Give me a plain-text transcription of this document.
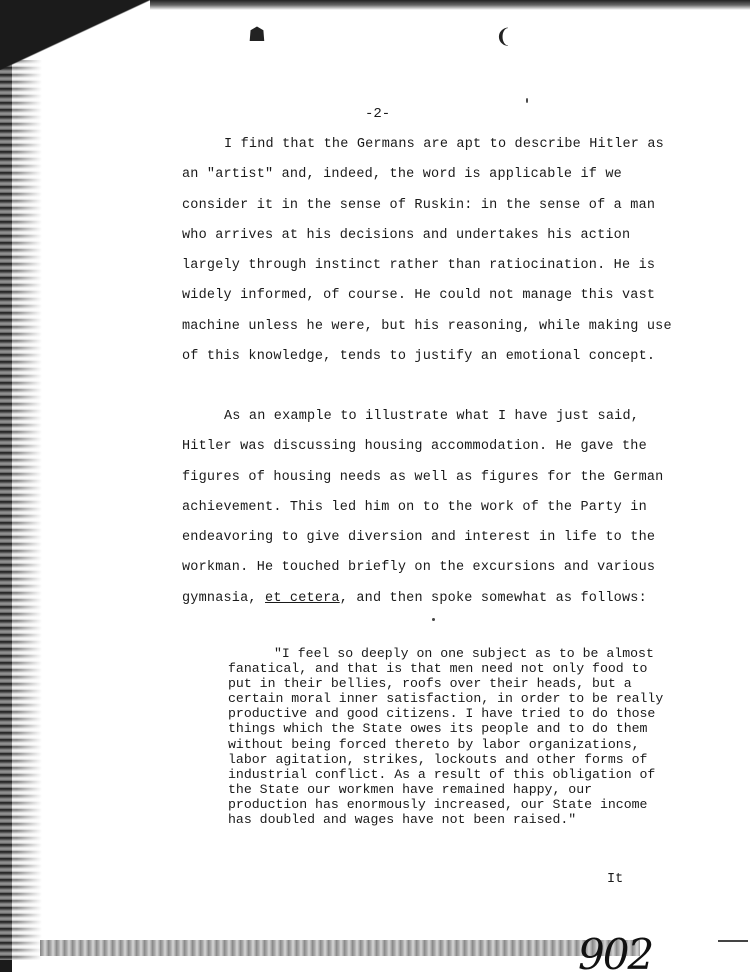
☗	❨
-2-

I find that the Germans are apt to describe Hitler as an "artist" and, indeed, the word is applicable if we consider it in the sense of Ruskin: in the sense of a man who arrives at his decisions and undertakes his action largely through instinct rather than ratiocination. He is widely informed, of course. He could not manage this vast machine unless he were, but his reasoning, while making use of this knowledge, tends to justify an emotional concept.

As an example to illustrate what I have just said, Hitler was discussing housing accommodation. He gave the figures of housing needs as well as figures for the German achievement. This led him on to the work of the Party in endeavoring to give diversion and interest in life to the workman. He touched briefly on the excursions and various gymnasia, et cetera, and then spoke somewhat as follows:

"I feel so deeply on one subject as to be almost fanatical, and that is that men need not only food to put in their bellies, roofs over their heads, but a certain moral inner satisfaction, in order to be really productive and good citizens. I have tried to do those things which the State owes its people and to do them without being forced thereto by labor organizations, labor agitation, strikes, lockouts and other forms of industrial conflict. As a result of this obligation of the State our workmen have remained happy, our production has enormously increased, our State income has doubled and wages have not been raised."

It
902
